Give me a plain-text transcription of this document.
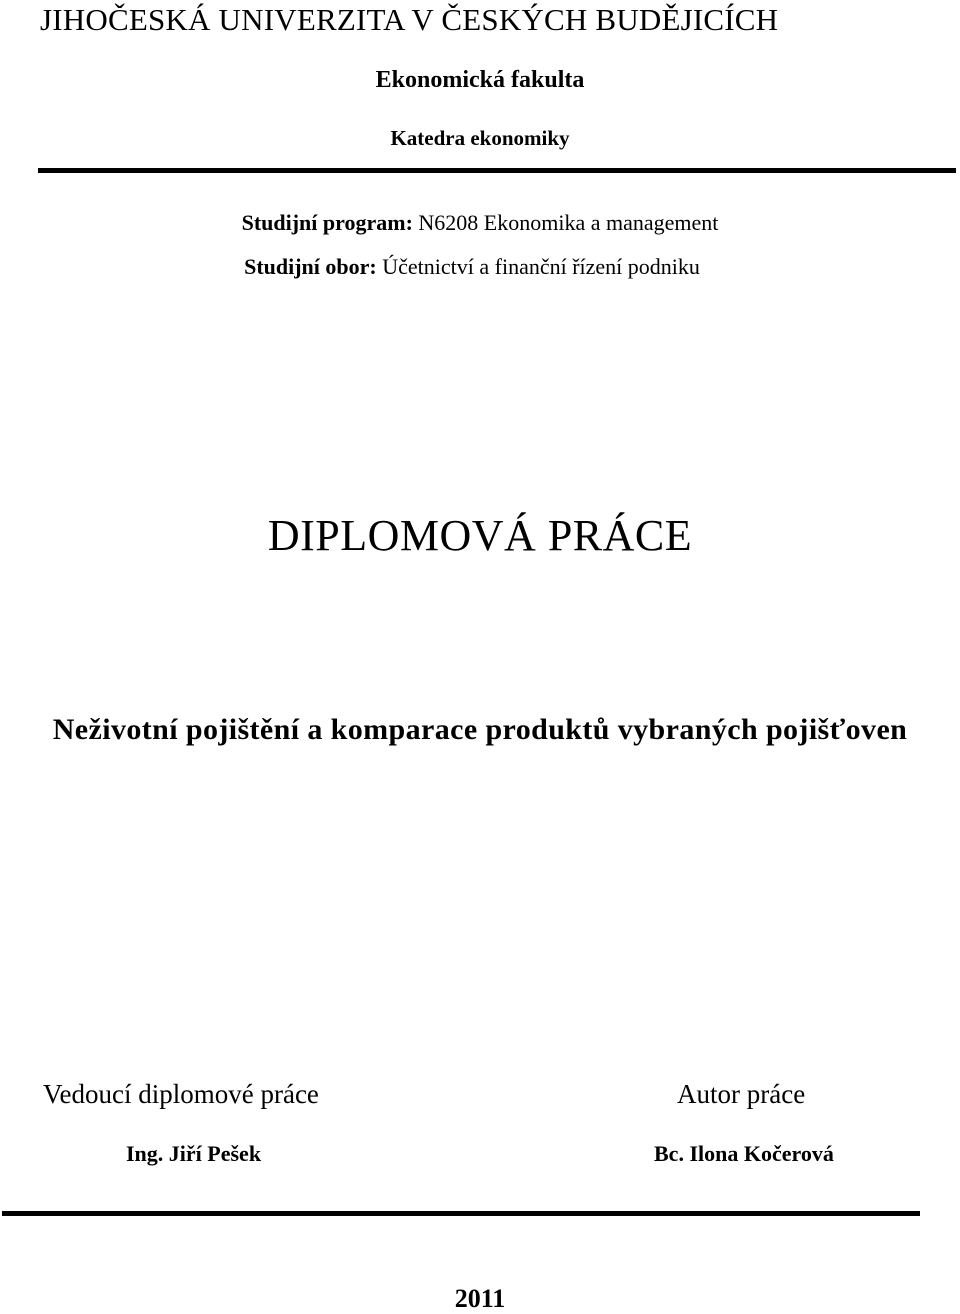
JIHOČESKÁ UNIVERZITA V ČESKÝCH BUDĚJICÍCH
Ekonomická fakulta
Katedra ekonomiky
Studijní program: N6208 Ekonomika a management
Studijní obor: Účetnictví a finanční řízení podniku
DIPLOMOVÁ PRÁCE
Neživotní pojištění a komparace produktů vybraných pojišťoven
Vedoucí diplomové práce
Ing. Jiří Pešek
Autor práce
Bc. Ilona Kočerová
2011
